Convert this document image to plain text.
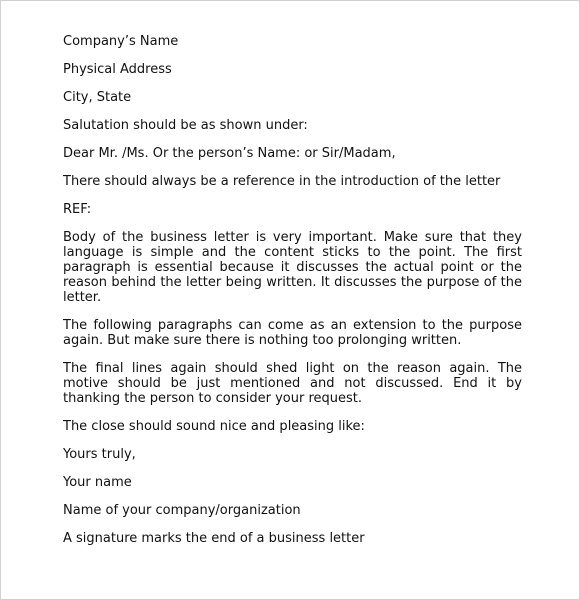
Company’s Name
Physical Address
City, State
Salutation should be as shown under:
Dear Mr. /Ms. Or the person’s Name: or Sir/Madam,
There should always be a reference in the introduction of the letter
REF:

Body of the business letter is very important. Make sure that they language is simple and the content sticks to the point. The first paragraph is essential because it discusses the actual point or the reason behind the letter being written. It discusses the purpose of the letter.

The following paragraphs can come as an extension to the purpose again. But make sure there is nothing too prolonging written.

The final lines again should shed light on the reason again. The motive should be just mentioned and not discussed. End it by thanking the person to consider your request.

The close should sound nice and pleasing like:
Yours truly,
Your name
Name of your company/organization
A signature marks the end of a business letter
